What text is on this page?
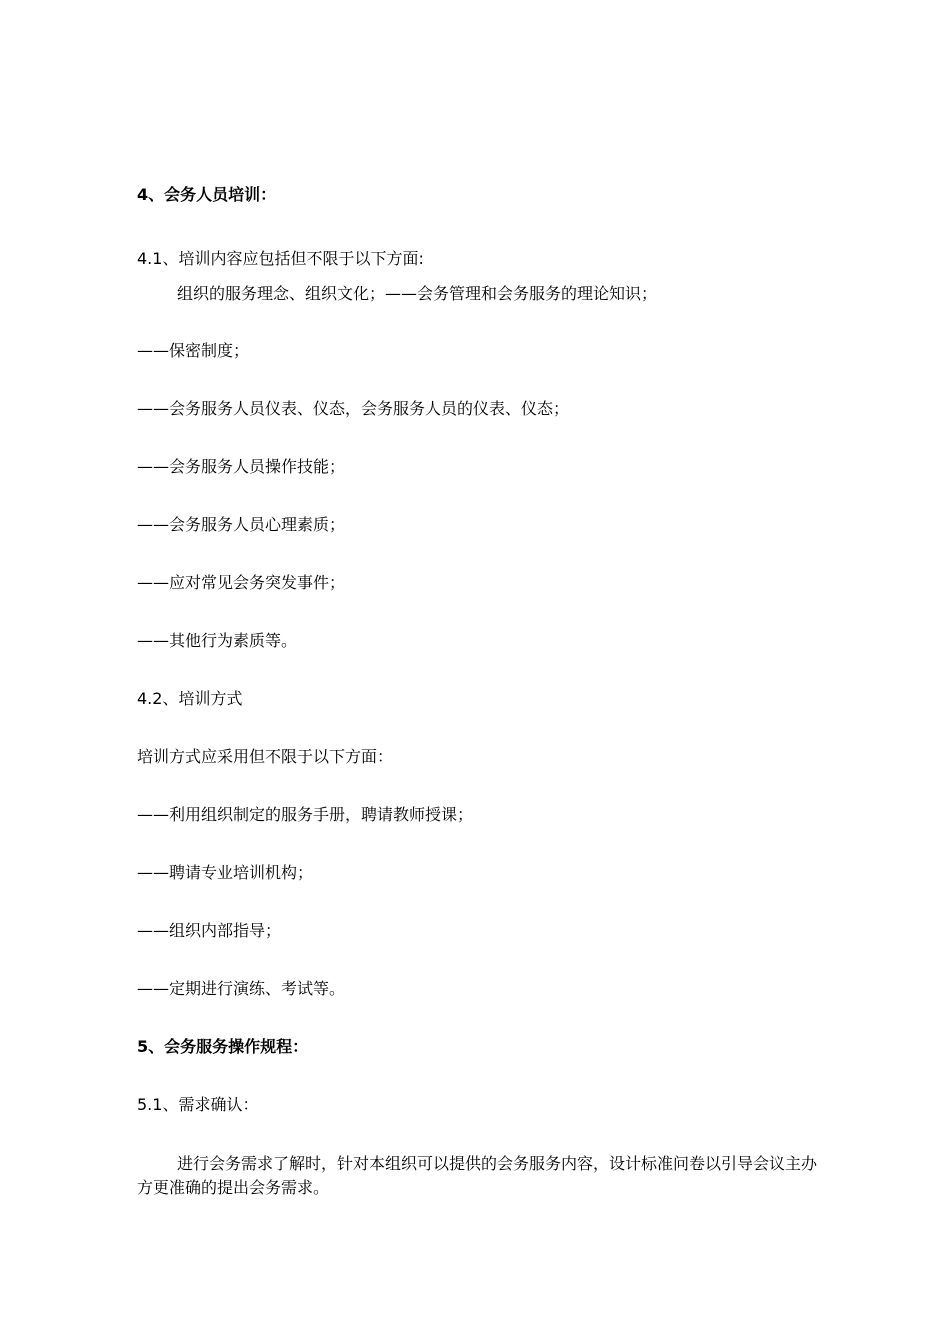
4、会务人员培训：
4.1、培训内容应包括但不限于以下方面:
组织的服务理念、组织文化；——会务管理和会务服务的理论知识；
——保密制度；
——会务服务人员仪表、仪态，会务服务人员的仪表、仪态；
——会务服务人员操作技能；
——会务服务人员心理素质；
——应对常见会务突发事件；
——其他行为素质等。
4.2、培训方式
培训方式应采用但不限于以下方面：
——利用组织制定的服务手册，聘请教师授课；
——聘请专业培训机构；
——组织内部指导；
——定期进行演练、考试等。
5、会务服务操作规程：
5.1、需求确认：
进行会务需求了解时，针对本组织可以提供的会务服务内容，设计标准问卷以引导会议主办方更准确的提出会务需求。
